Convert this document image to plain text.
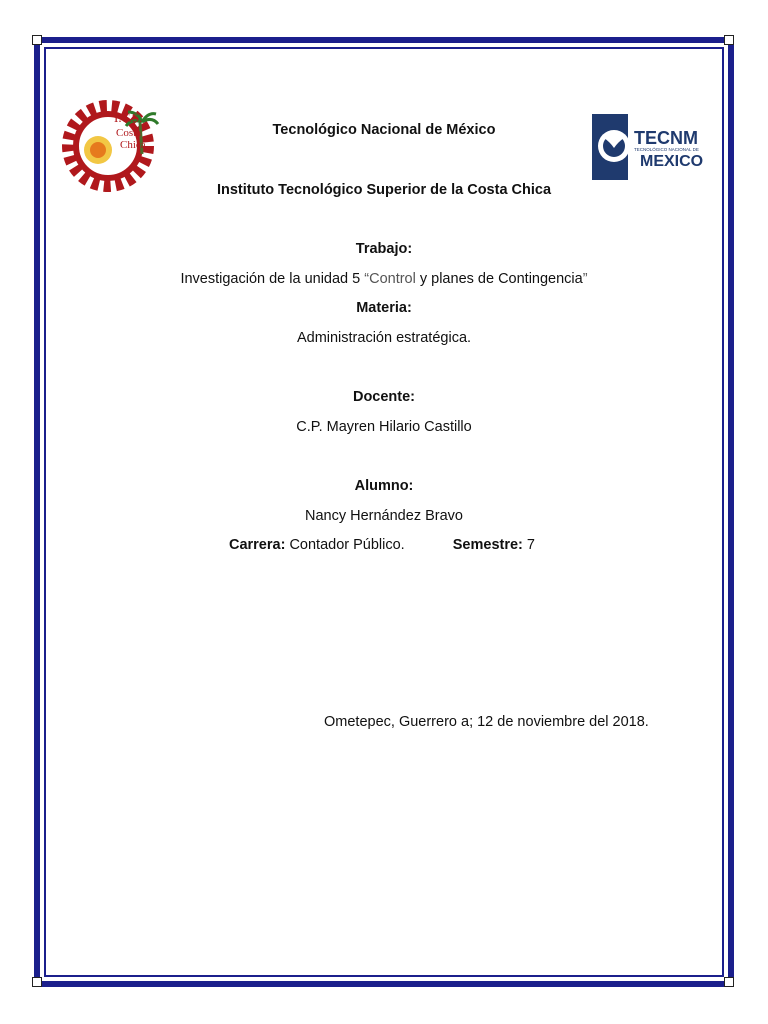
I.T.S.
Costa
Chica	TECNM
TECNOLÓGICO NACIONAL DE
MEXICO
Tecnológico Nacional de México
Instituto Tecnológico Superior de la Costa Chica
Trabajo:
Investigación de la unidad 5 “Control y planes de Contingencia”
Materia:
Administración estratégica.
Docente:
C.P. Mayren Hilario Castillo
Alumno:
Nancy Hernández Bravo
Carrera: Contador Público.	Semestre: 7
Ometepec, Guerrero a; 12 de noviembre del 2018.
